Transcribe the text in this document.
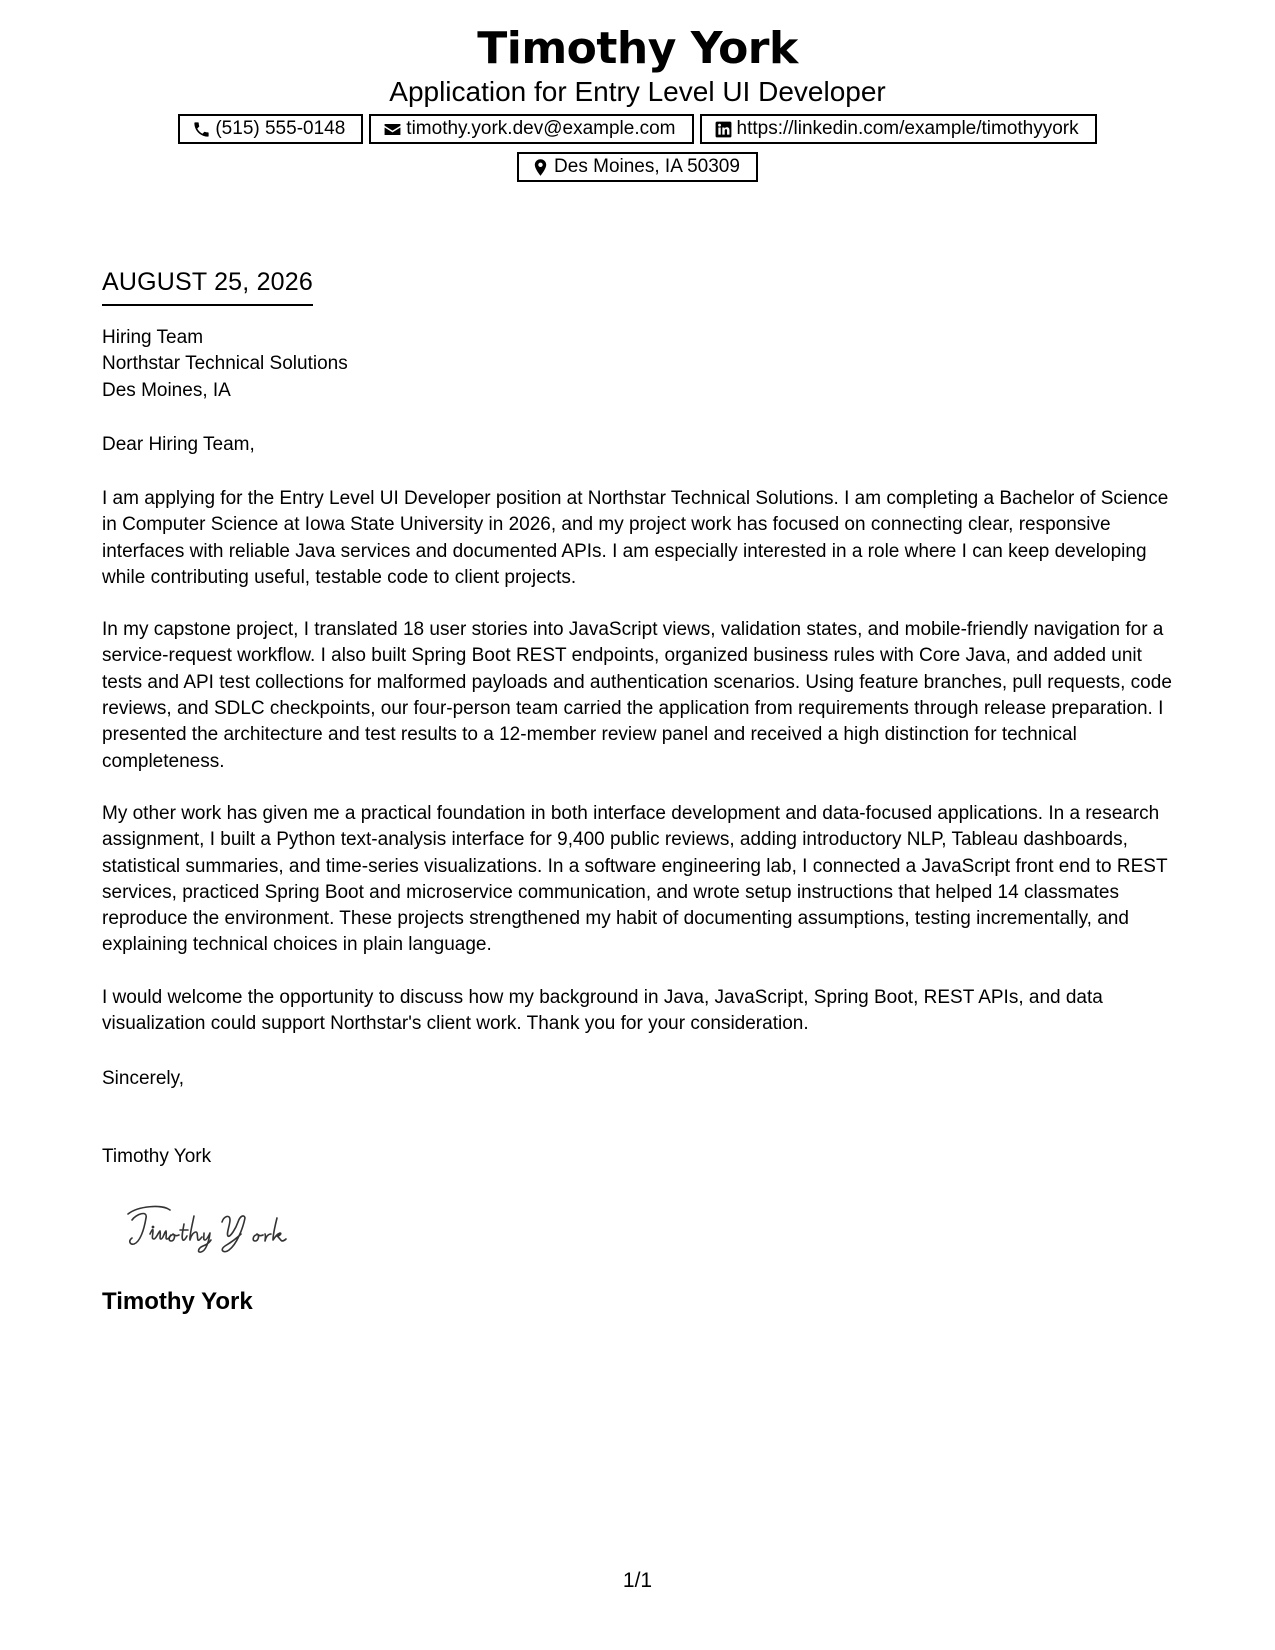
Timothy York
Application for Entry Level UI Developer
(515) 555-0148	timothy.york.dev@example.com	https://linkedin.com/example/timothyyork
Des Moines, IA 50309
AUGUST 25, 2026
Hiring Team
Northstar Technical Solutions
Des Moines, IA
Dear Hiring Team,

I am applying for the Entry Level UI Developer position at Northstar Technical Solutions. I am completing a Bachelor of Science in Computer Science at Iowa State University in 2026, and my project work has focused on connecting clear, responsive interfaces with reliable Java services and documented APIs. I am especially interested in a role where I can keep developing while contributing useful, testable code to client projects.

In my capstone project, I translated 18 user stories into JavaScript views, validation states, and mobile-friendly navigation for a service-request workflow. I also built Spring Boot REST endpoints, organized business rules with Core Java, and added unit tests and API test collections for malformed payloads and authentication scenarios. Using feature branches, pull requests, code reviews, and SDLC checkpoints, our four-person team carried the application from requirements through release preparation. I presented the architecture and test results to a 12-member review panel and received a high distinction for technical completeness.

My other work has given me a practical foundation in both interface development and data-focused applications. In a research assignment, I built a Python text-analysis interface for 9,400 public reviews, adding introductory NLP, Tableau dashboards, statistical summaries, and time-series visualizations. In a software engineering lab, I connected a JavaScript front end to REST services, practiced Spring Boot and microservice communication, and wrote setup instructions that helped 14 classmates reproduce the environment. These projects strengthened my habit of documenting assumptions, testing incrementally, and explaining technical choices in plain language.

I would welcome the opportunity to discuss how my background in Java, JavaScript, Spring Boot, REST APIs, and data visualization could support Northstar's client work. Thank you for your consideration.

Sincerely,
Timothy York
Timothy York
1/1
